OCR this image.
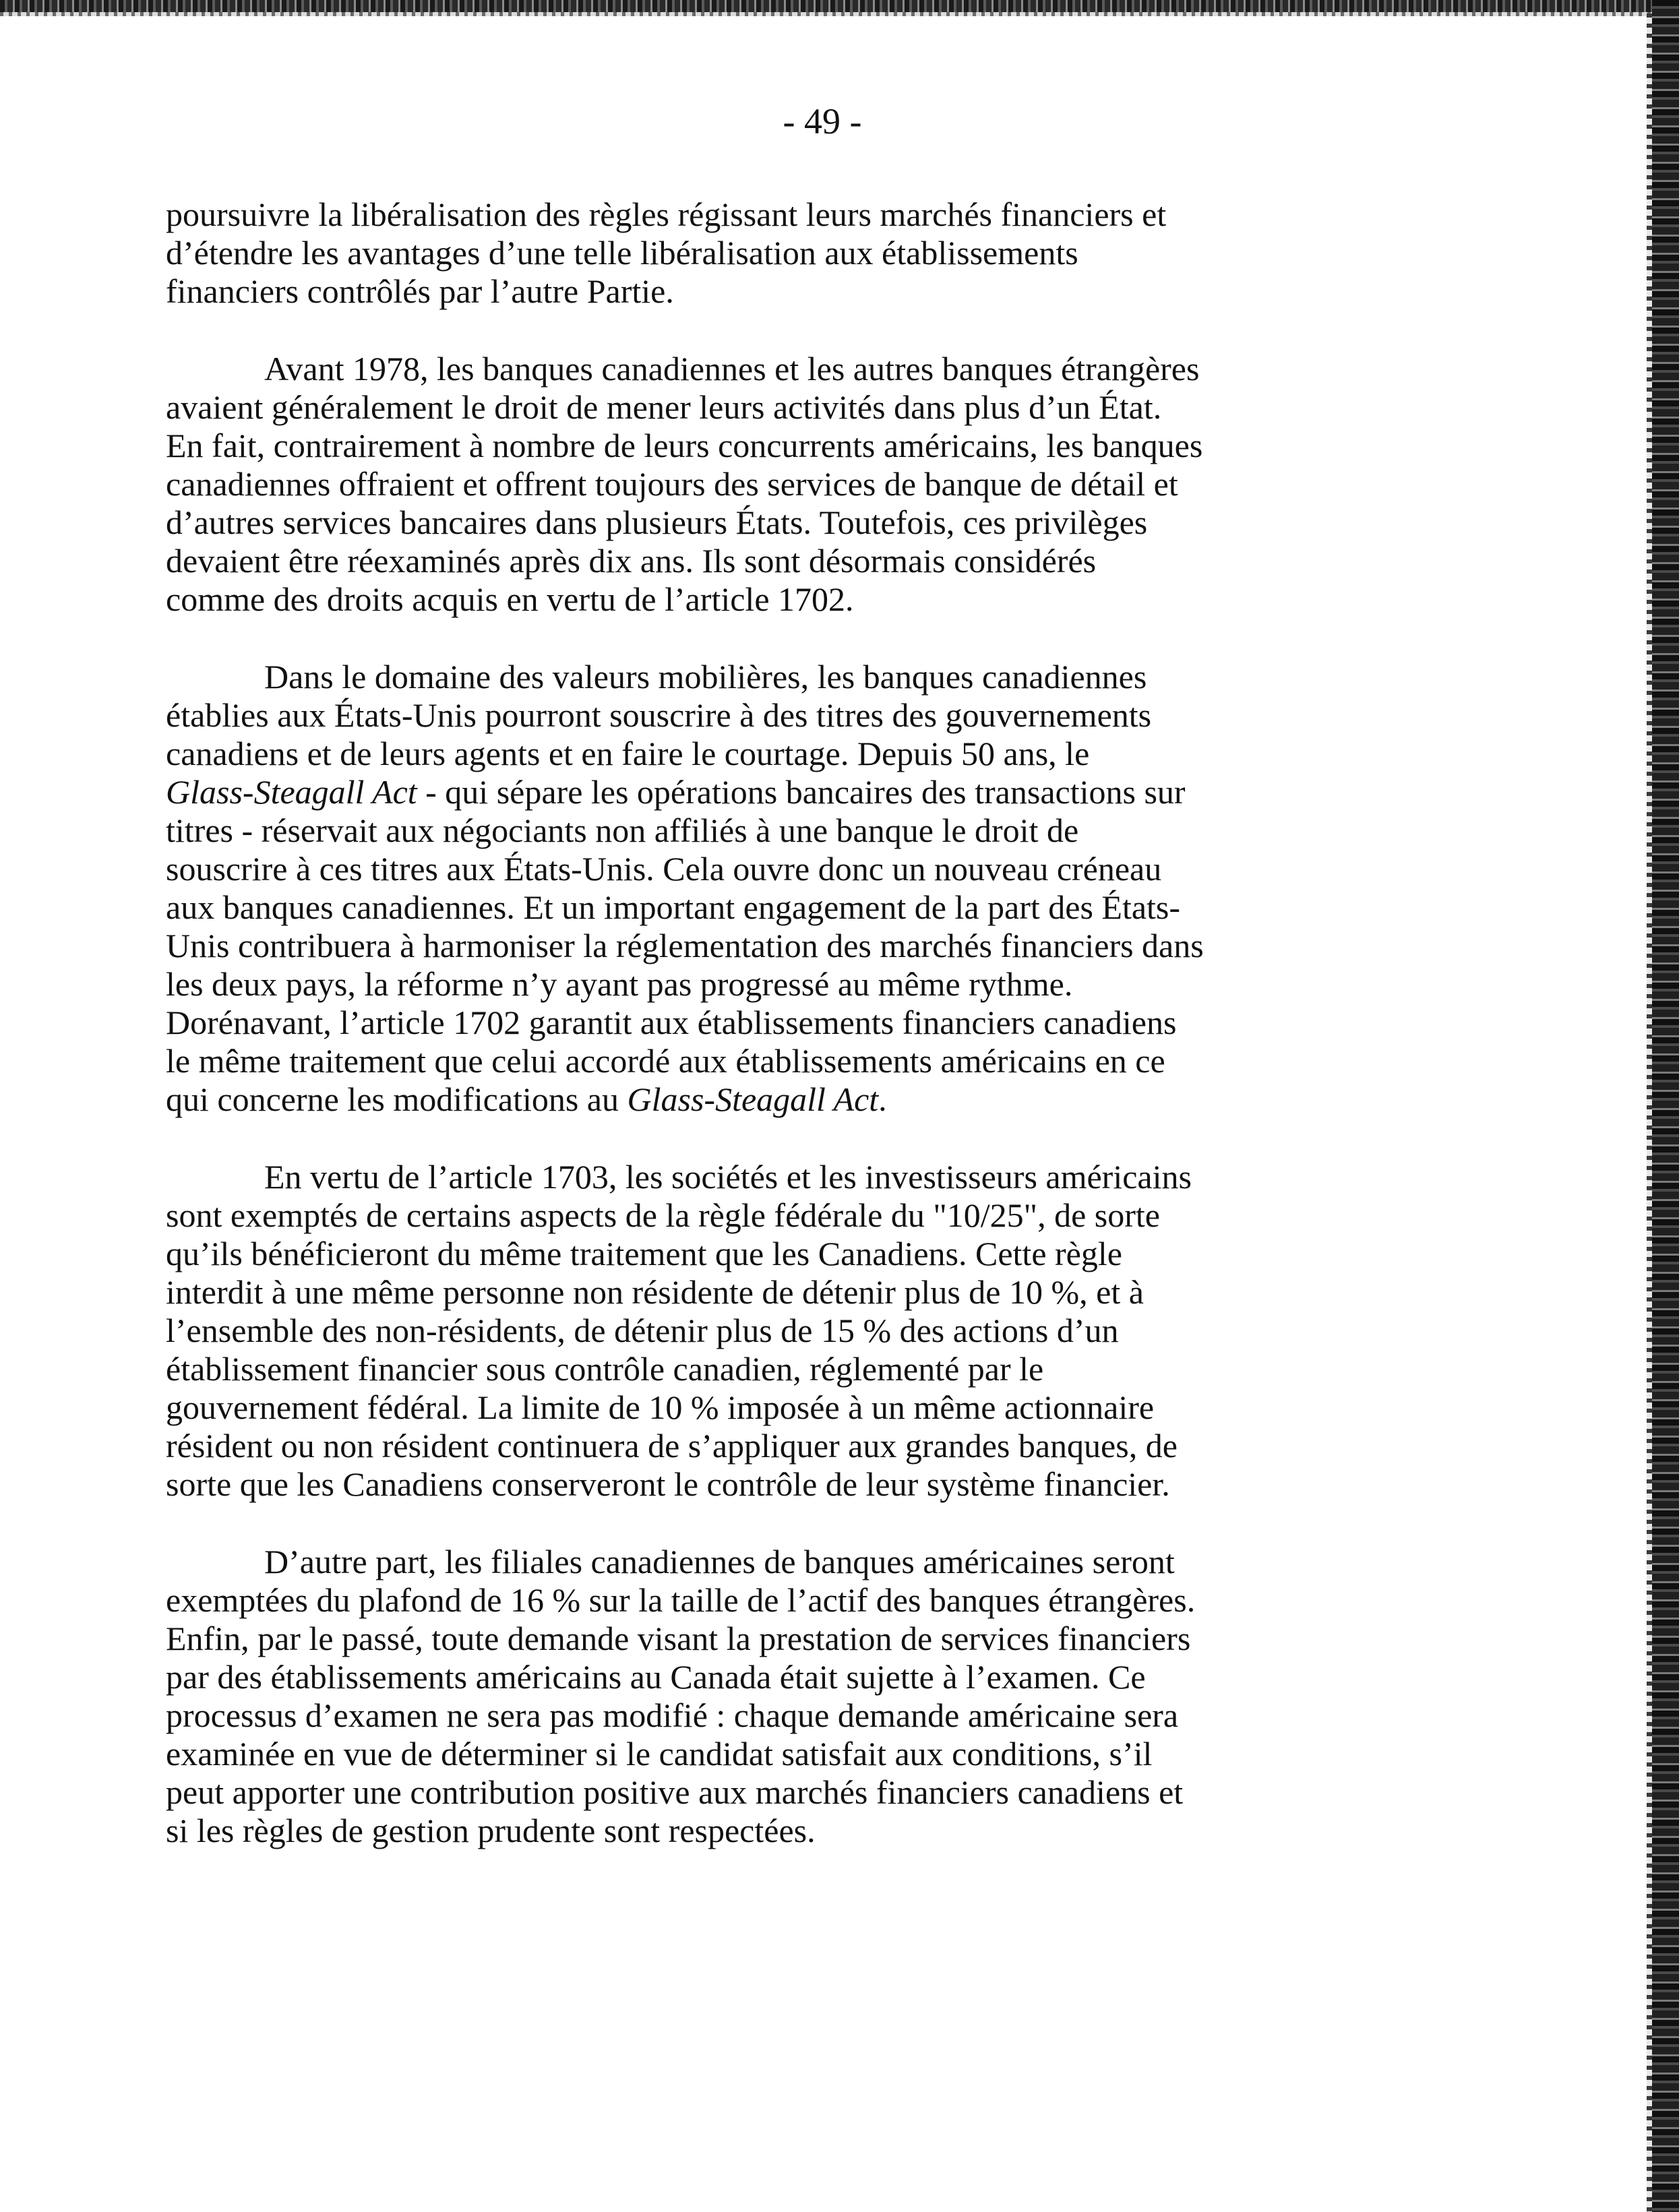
- 49 -

poursuivre la libéralisation des règles régissant leurs marchés financiers et
d’étendre les avantages d’une telle libéralisation aux établissements
financiers contrôlés par l’autre Partie.

Avant 1978, les banques canadiennes et les autres banques étrangères
avaient généralement le droit de mener leurs activités dans plus d’un État.
En fait, contrairement à nombre de leurs concurrents américains, les banques
canadiennes offraient et offrent toujours des services de banque de détail et
d’autres services bancaires dans plusieurs États. Toutefois, ces privilèges
devaient être réexaminés après dix ans. Ils sont désormais considérés
comme des droits acquis en vertu de l’article 1702.

Dans le domaine des valeurs mobilières, les banques canadiennes
établies aux États-Unis pourront souscrire à des titres des gouvernements
canadiens et de leurs agents et en faire le courtage. Depuis 50 ans, le
Glass-Steagall Act - qui sépare les opérations bancaires des transactions sur
titres - réservait aux négociants non affiliés à une banque le droit de
souscrire à ces titres aux États-Unis. Cela ouvre donc un nouveau créneau
aux banques canadiennes. Et un important engagement de la part des États-
Unis contribuera à harmoniser la réglementation des marchés financiers dans
les deux pays, la réforme n’y ayant pas progressé au même rythme.
Dorénavant, l’article 1702 garantit aux établissements financiers canadiens
le même traitement que celui accordé aux établissements américains en ce
qui concerne les modifications au Glass-Steagall Act.

En vertu de l’article 1703, les sociétés et les investisseurs américains
sont exemptés de certains aspects de la règle fédérale du "10/25", de sorte
qu’ils bénéficieront du même traitement que les Canadiens. Cette règle
interdit à une même personne non résidente de détenir plus de 10 %, et à
l’ensemble des non-résidents, de détenir plus de 15 % des actions d’un
établissement financier sous contrôle canadien, réglementé par le
gouvernement fédéral. La limite de 10 % imposée à un même actionnaire
résident ou non résident continuera de s’appliquer aux grandes banques, de
sorte que les Canadiens conserveront le contrôle de leur système financier.

D’autre part, les filiales canadiennes de banques américaines seront
exemptées du plafond de 16 % sur la taille de l’actif des banques étrangères.
Enfin, par le passé, toute demande visant la prestation de services financiers
par des établissements américains au Canada était sujette à l’examen. Ce
processus d’examen ne sera pas modifié : chaque demande américaine sera
examinée en vue de déterminer si le candidat satisfait aux conditions, s’il
peut apporter une contribution positive aux marchés financiers canadiens et
si les règles de gestion prudente sont respectées.
